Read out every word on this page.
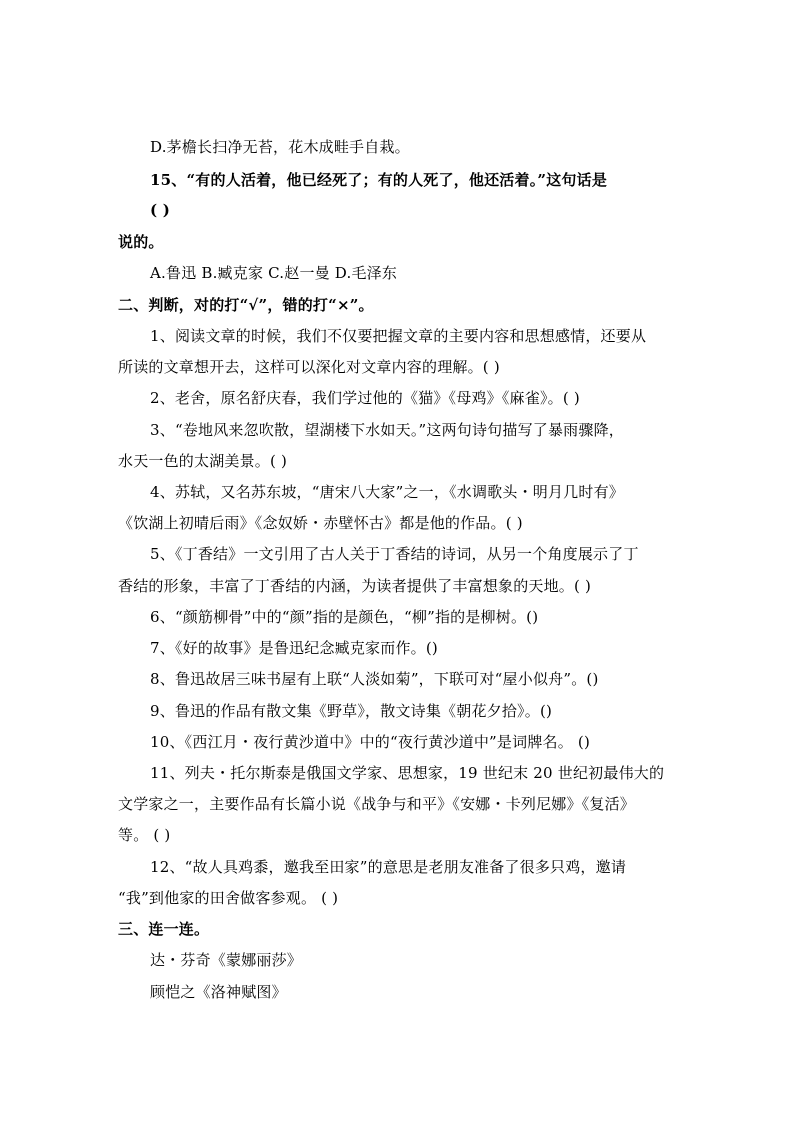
D.茅檐长扫净无苔，花木成畦手自栽。
15、“有的人活着，他已经死了；有的人死了，他还活着。”这句话是
( )
说的。
A.鲁迅 B.臧克家 C.赵一曼 D.毛泽东
二、判断，对的打“√”，错的打“×”。
1、阅读文章的时候，我们不仅要把握文章的主要内容和思想感情，还要从
所读的文章想开去，这样可以深化对文章内容的理解。( )
2、老舍，原名舒庆春，我们学过他的《猫》《母鸡》《麻雀》。( )
3、“卷地风来忽吹散，望湖楼下水如天。”这两句诗句描写了暴雨骤降，
水天一色的太湖美景。( )
4、苏轼，又名苏东坡，“唐宋八大家”之一，《水调歌头・明月几时有》
《饮湖上初晴后雨》《念奴娇・赤壁怀古》都是他的作品。( )
5、《丁香结》一文引用了古人关于丁香结的诗词，从另一个角度展示了丁
香结的形象，丰富了丁香结的内涵，为读者提供了丰富想象的天地。( )
6、“颜筋柳骨”中的“颜”指的是颜色，“柳”指的是柳树。()
7、《好的故事》是鲁迅纪念臧克家而作。()
8、鲁迅故居三味书屋有上联“人淡如菊”，下联可对“屋小似舟”。()
9、鲁迅的作品有散文集《野草》，散文诗集《朝花夕拾》。()
10、《西江月・夜行黄沙道中》中的“夜行黄沙道中”是词牌名。 ()
11、列夫・托尔斯泰是俄国文学家、思想家，19 世纪末 20 世纪初最伟大的
文学家之一，主要作品有长篇小说《战争与和平》《安娜・卡列尼娜》《复活》
等。 ( )
12、“故人具鸡黍，邀我至田家”的意思是老朋友准备了很多只鸡，邀请
“我”到他家的田舍做客参观。 ( )
三、连一连。
达・芬奇《蒙娜丽莎》
顾恺之《洛神赋图》
